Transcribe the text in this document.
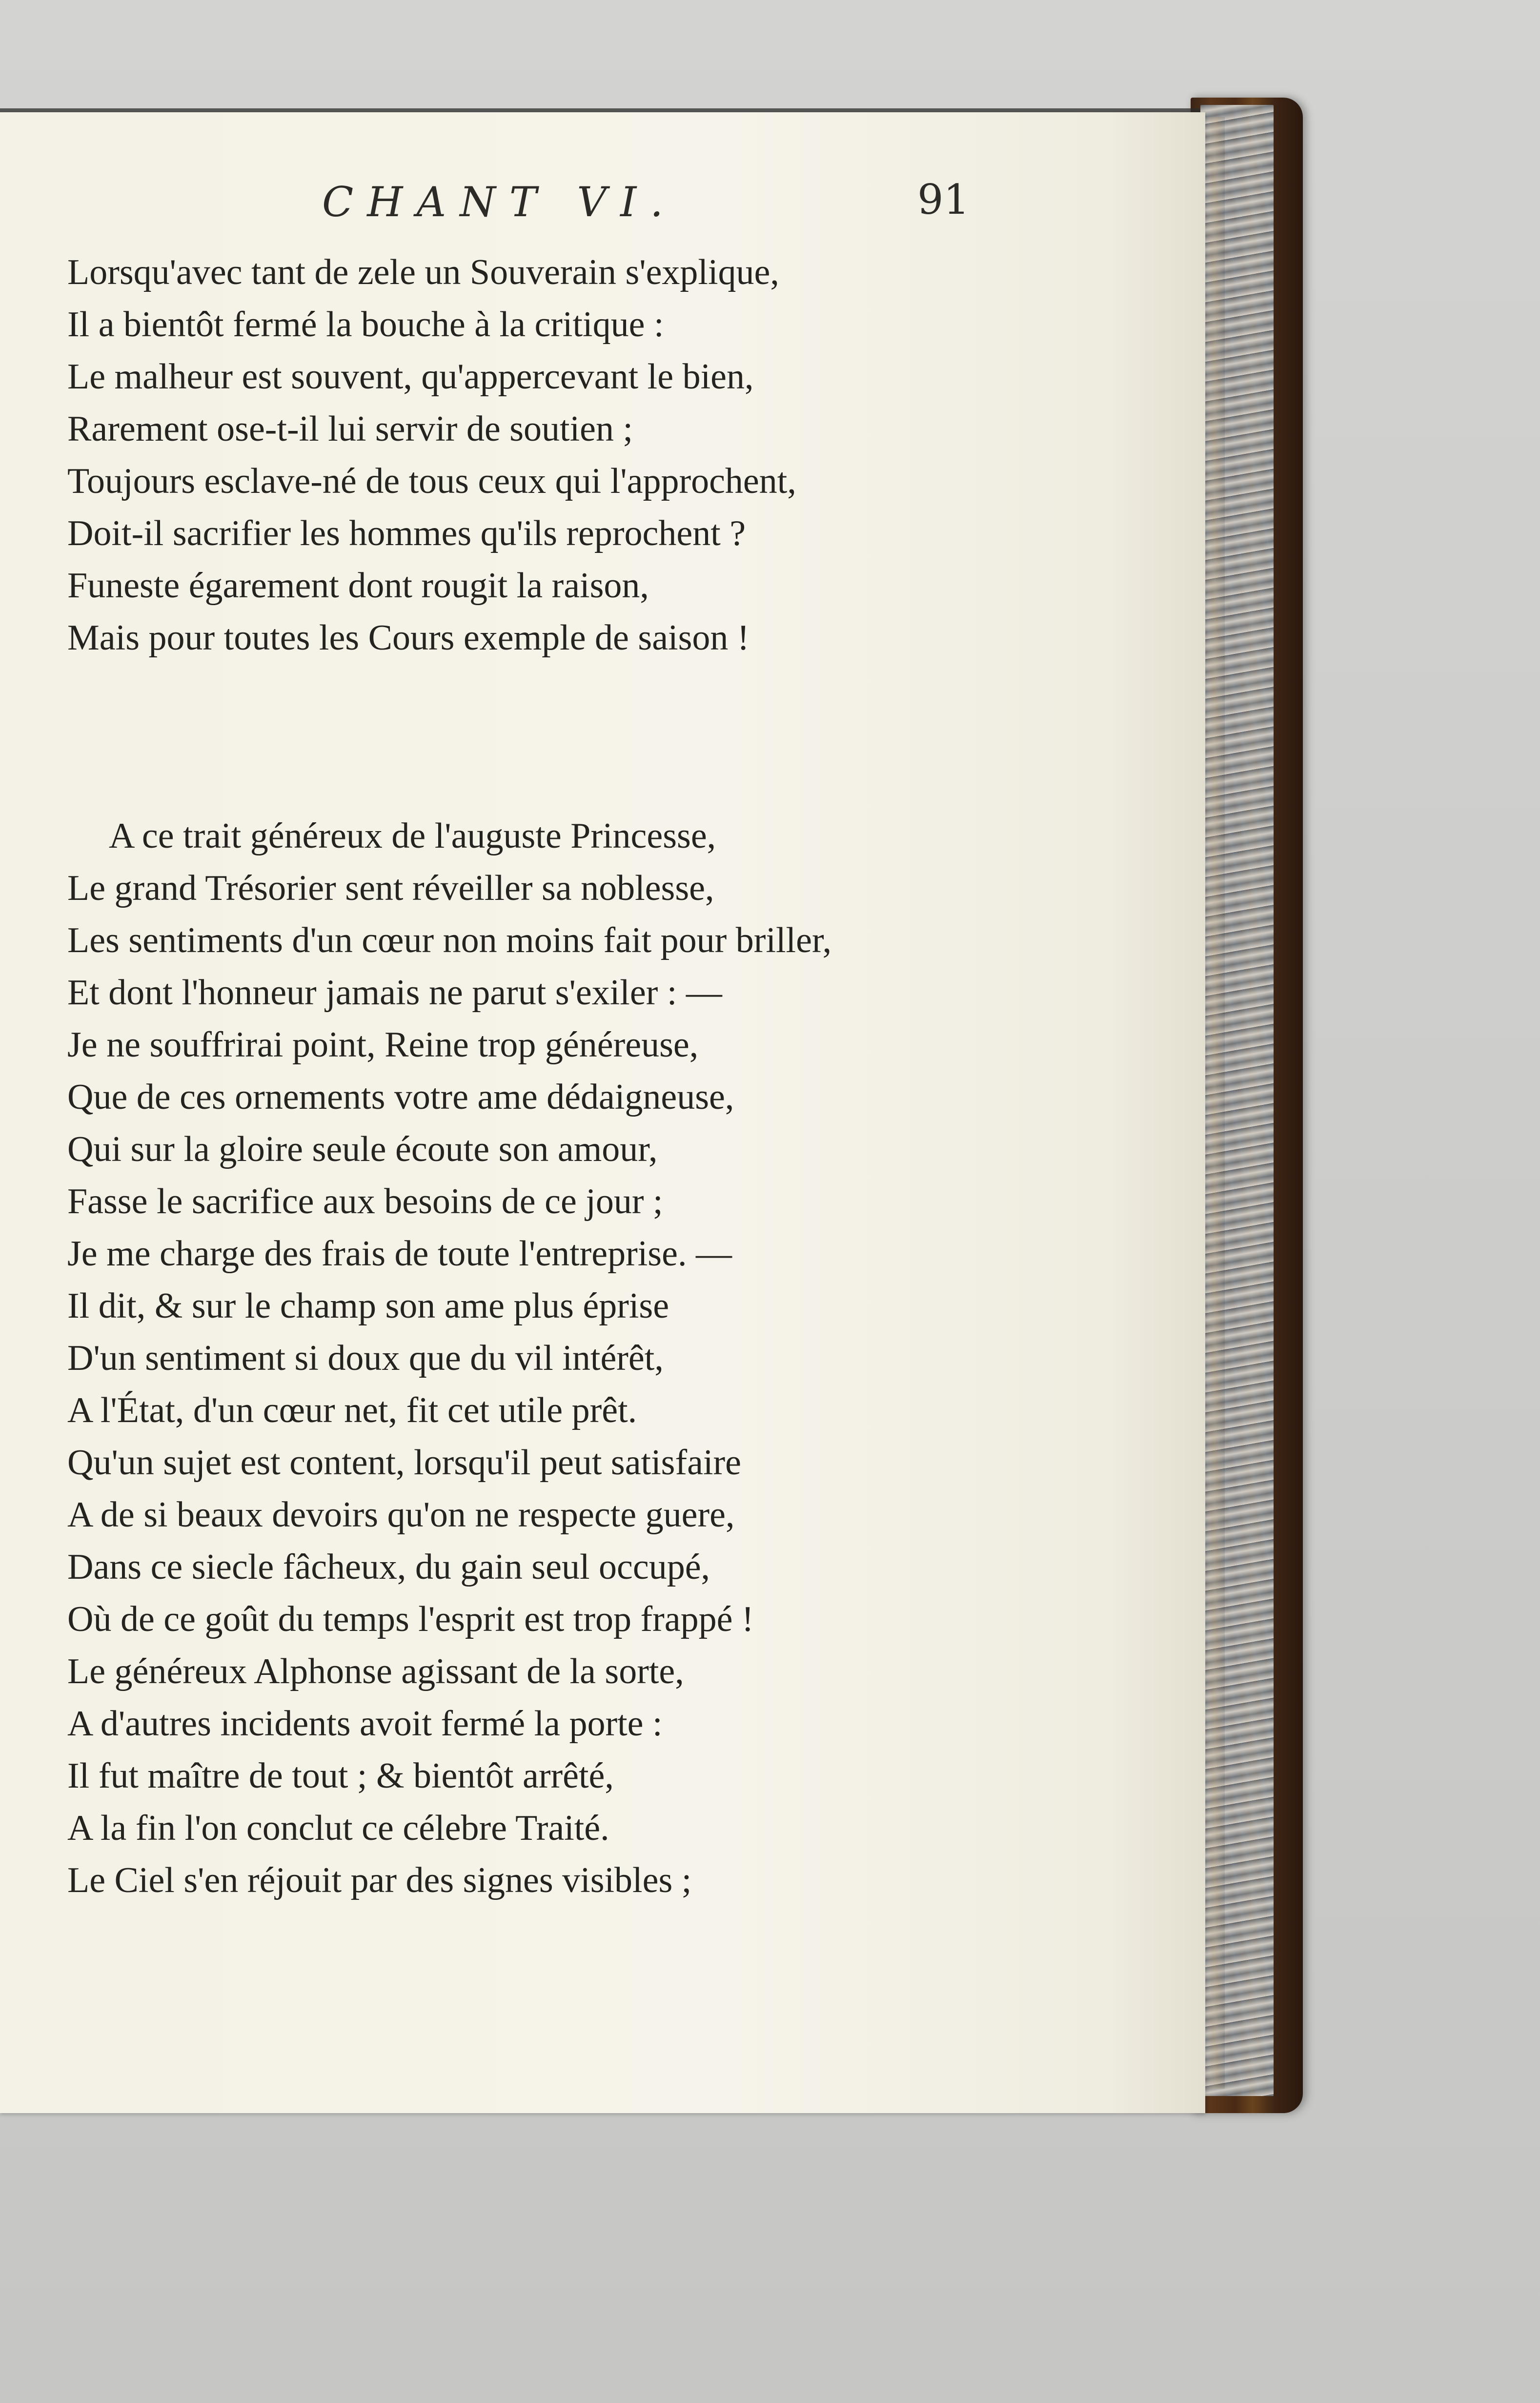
CHANT VI.	91
Lorsqu'avec tant de zele un Souverain s'explique,
Il a bientôt fermé la bouche à la critique :
Le malheur est souvent, qu'appercevant le bien,
Rarement ose-t-il lui servir de soutien ;
Toujours esclave-né de tous ceux qui l'approchent,
Doit-il sacrifier les hommes qu'ils reprochent ?
Funeste égarement dont rougit la raison,
Mais pour toutes les Cours exemple de saison !
A ce trait généreux de l'auguste Princesse,
Le grand Trésorier sent réveiller sa noblesse,
Les sentiments d'un cœur non moins fait pour briller,
Et dont l'honneur jamais ne parut s'exiler : —
Je ne souffrirai point, Reine trop généreuse,
Que de ces ornements votre ame dédaigneuse,
Qui sur la gloire seule écoute son amour,
Fasse le sacrifice aux besoins de ce jour ;
Je me charge des frais de toute l'entreprise. —
Il dit, & sur le champ son ame plus éprise
D'un sentiment si doux que du vil intérêt,
A l'État, d'un cœur net, fit cet utile prêt.
Qu'un sujet est content, lorsqu'il peut satisfaire
A de si beaux devoirs qu'on ne respecte guere,
Dans ce siecle fâcheux, du gain seul occupé,
Où de ce goût du temps l'esprit est trop frappé !
Le généreux Alphonse agissant de la sorte,
A d'autres incidents avoit fermé la porte :
Il fut maître de tout ; & bientôt arrêté,
A la fin l'on conclut ce célebre Traité.
Le Ciel s'en réjouit par des signes visibles ;
